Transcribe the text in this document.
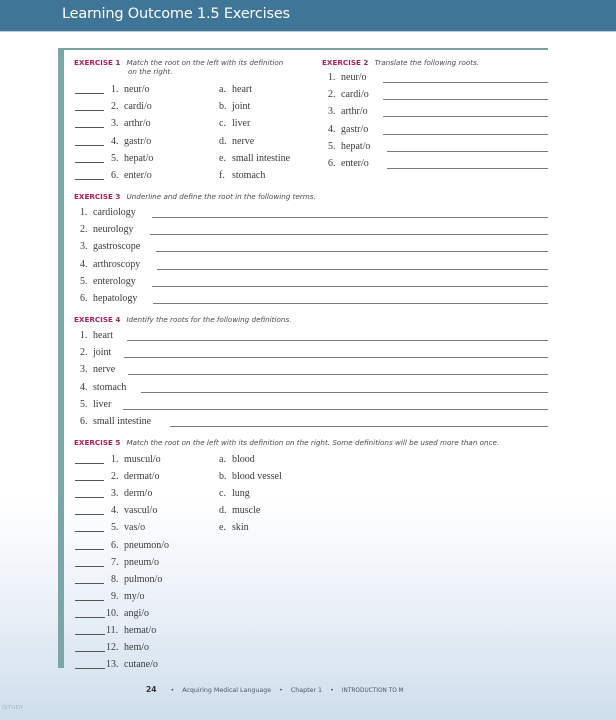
Learning Outcome 1.5 Exercises
EXERCISE 1 Match the root on the left with its definition
on the right.
1. neur/o
2. cardi/o
3. arthr/o
4. gastr/o
5. hepat/o
6. enter/o
a. heart
b. joint
c. liver
d. nerve
e. small intestine
f. stomach
EXERCISE 2 Translate the following roots.
1. neur/o
2. cardi/o
3. arthr/o
4. gastr/o
5. hepat/o
6. enter/o
EXERCISE 3 Underline and define the root in the following terms.
1. cardiology
2. neurology
3. gastroscope
4. arthroscopy
5. enterology
6. hepatology
EXERCISE 4 Identify the roots for the following definitions.
1. heart
2. joint
3. nerve
4. stomach
5. liver
6. small intestine
EXERCISE 5 Match the root on the left with its definition on the right. Some definitions will be used more than once.
1. muscul/o
2. dermat/o
3. derm/o
4. vascul/o
5. vas/o
6. pneumon/o
7. pneum/o
8. pulmon/o
9. my/o
10. angi/o
11. hemat/o
12. hem/o
13. cutane/o
a. blood
b. blood vessel
c. lung
d. muscle
e. skin
24 • Acquiring Medical Language • Chapter 1 • INTRODUCTION TO M
ISTUDY
